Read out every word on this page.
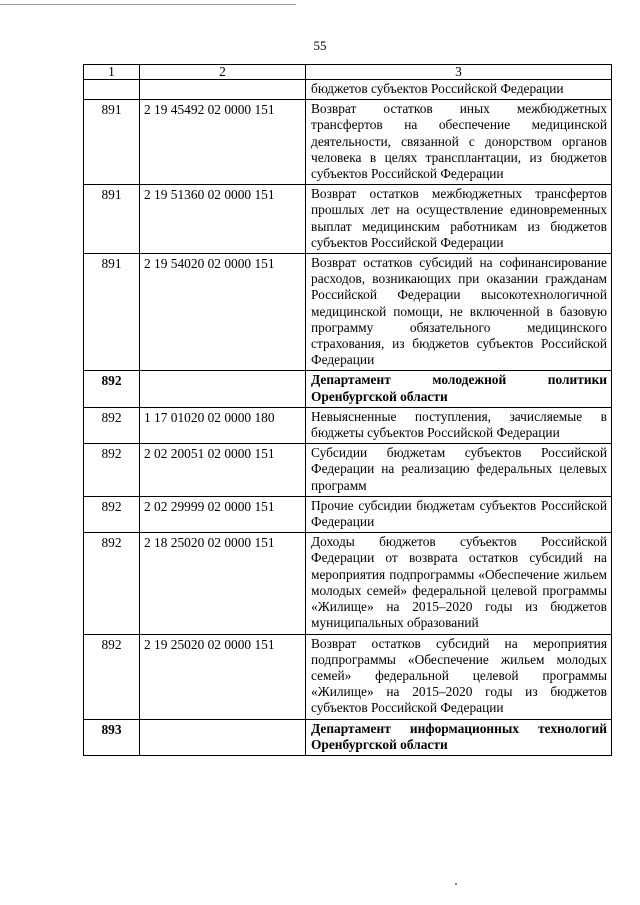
55
1	2	3
		бюджетов субъектов Российской Федерации
891	2 19 45492 02 0000 151	Возврат остатков иных межбюджетных трансфертов на обеспечение медицинской деятельности, связанной с донорством органов человека в целях трансплантации, из бюджетов субъектов Российской Федерации
891	2 19 51360 02 0000 151	Возврат остатков межбюджетных трансфертов прошлых лет на осуществление единовременных выплат медицинским работникам из бюджетов субъектов Российской Федерации
891	2 19 54020 02 0000 151	Возврат остатков субсидий на софинансирование расходов, возникающих при оказании гражданам Российской Федерации высокотехнологичной медицинской помощи, не включенной в базовую программу обязательного медицинского страхования, из бюджетов субъектов Российской Федерации
892		Департамент молодежной политики Оренбургской области
892	1 17 01020 02 0000 180	Невыясненные поступления, зачисляемые в бюджеты субъектов Российской Федерации
892	2 02 20051 02 0000 151	Субсидии бюджетам субъектов Российской Федерации на реализацию федеральных целевых программ
892	2 02 29999 02 0000 151	Прочие субсидии бюджетам субъектов Российской Федерации
892	2 18 25020 02 0000 151	Доходы бюджетов субъектов Российской Федерации от возврата остатков субсидий на мероприятия подпрограммы «Обеспечение жильем молодых семей» федеральной целевой программы «Жилище» на 2015–2020 годы из бюджетов муниципальных образований
892	2 19 25020 02 0000 151	Возврат остатков субсидий на мероприятия подпрограммы «Обеспечение жильем молодых семей» федеральной целевой программы «Жилище» на 2015–2020 годы из бюджетов субъектов Российской Федерации
893		Департамент информационных технологий Оренбургской области
